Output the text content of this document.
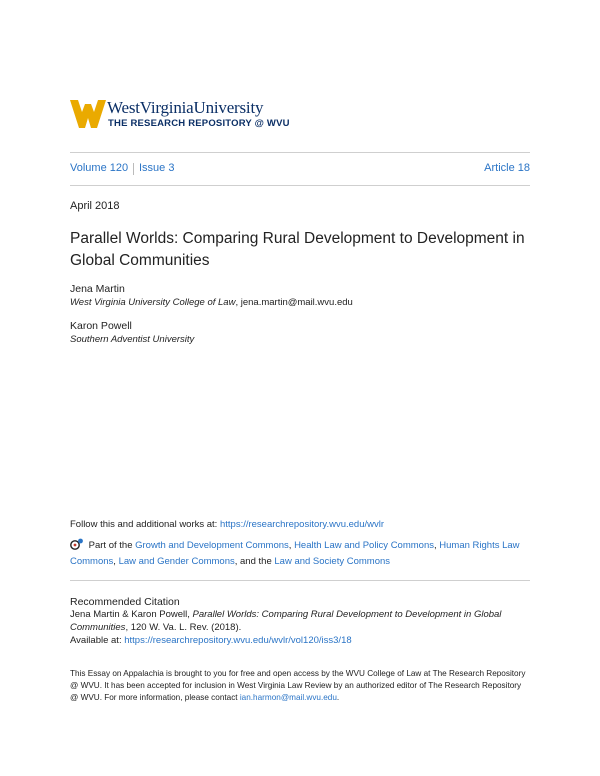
WestVirginiaUniversity
THE RESEARCH REPOSITORY @ WVU
Volume 120 Issue 3	Article 18
April 2018
Parallel Worlds: Comparing Rural Development to Development in Global Communities
Jena Martin
West Virginia University College of Law, jena.martin@mail.wvu.edu
Karon Powell
Southern Adventist University
Follow this and additional works at: https://researchrepository.wvu.edu/wvlr
Part of the Growth and Development Commons, Health Law and Policy Commons, Human Rights Law Commons, Law and Gender Commons, and the Law and Society Commons
Recommended Citation
Jena Martin & Karon Powell, Parallel Worlds: Comparing Rural Development to Development in Global Communities, 120 W. Va. L. Rev. (2018).
Available at: https://researchrepository.wvu.edu/wvlr/vol120/iss3/18
This Essay on Appalachia is brought to you for free and open access by the WVU College of Law at The Research Repository @ WVU. It has been accepted for inclusion in West Virginia Law Review by an authorized editor of The Research Repository @ WVU. For more information, please contact ian.harmon@mail.wvu.edu.
